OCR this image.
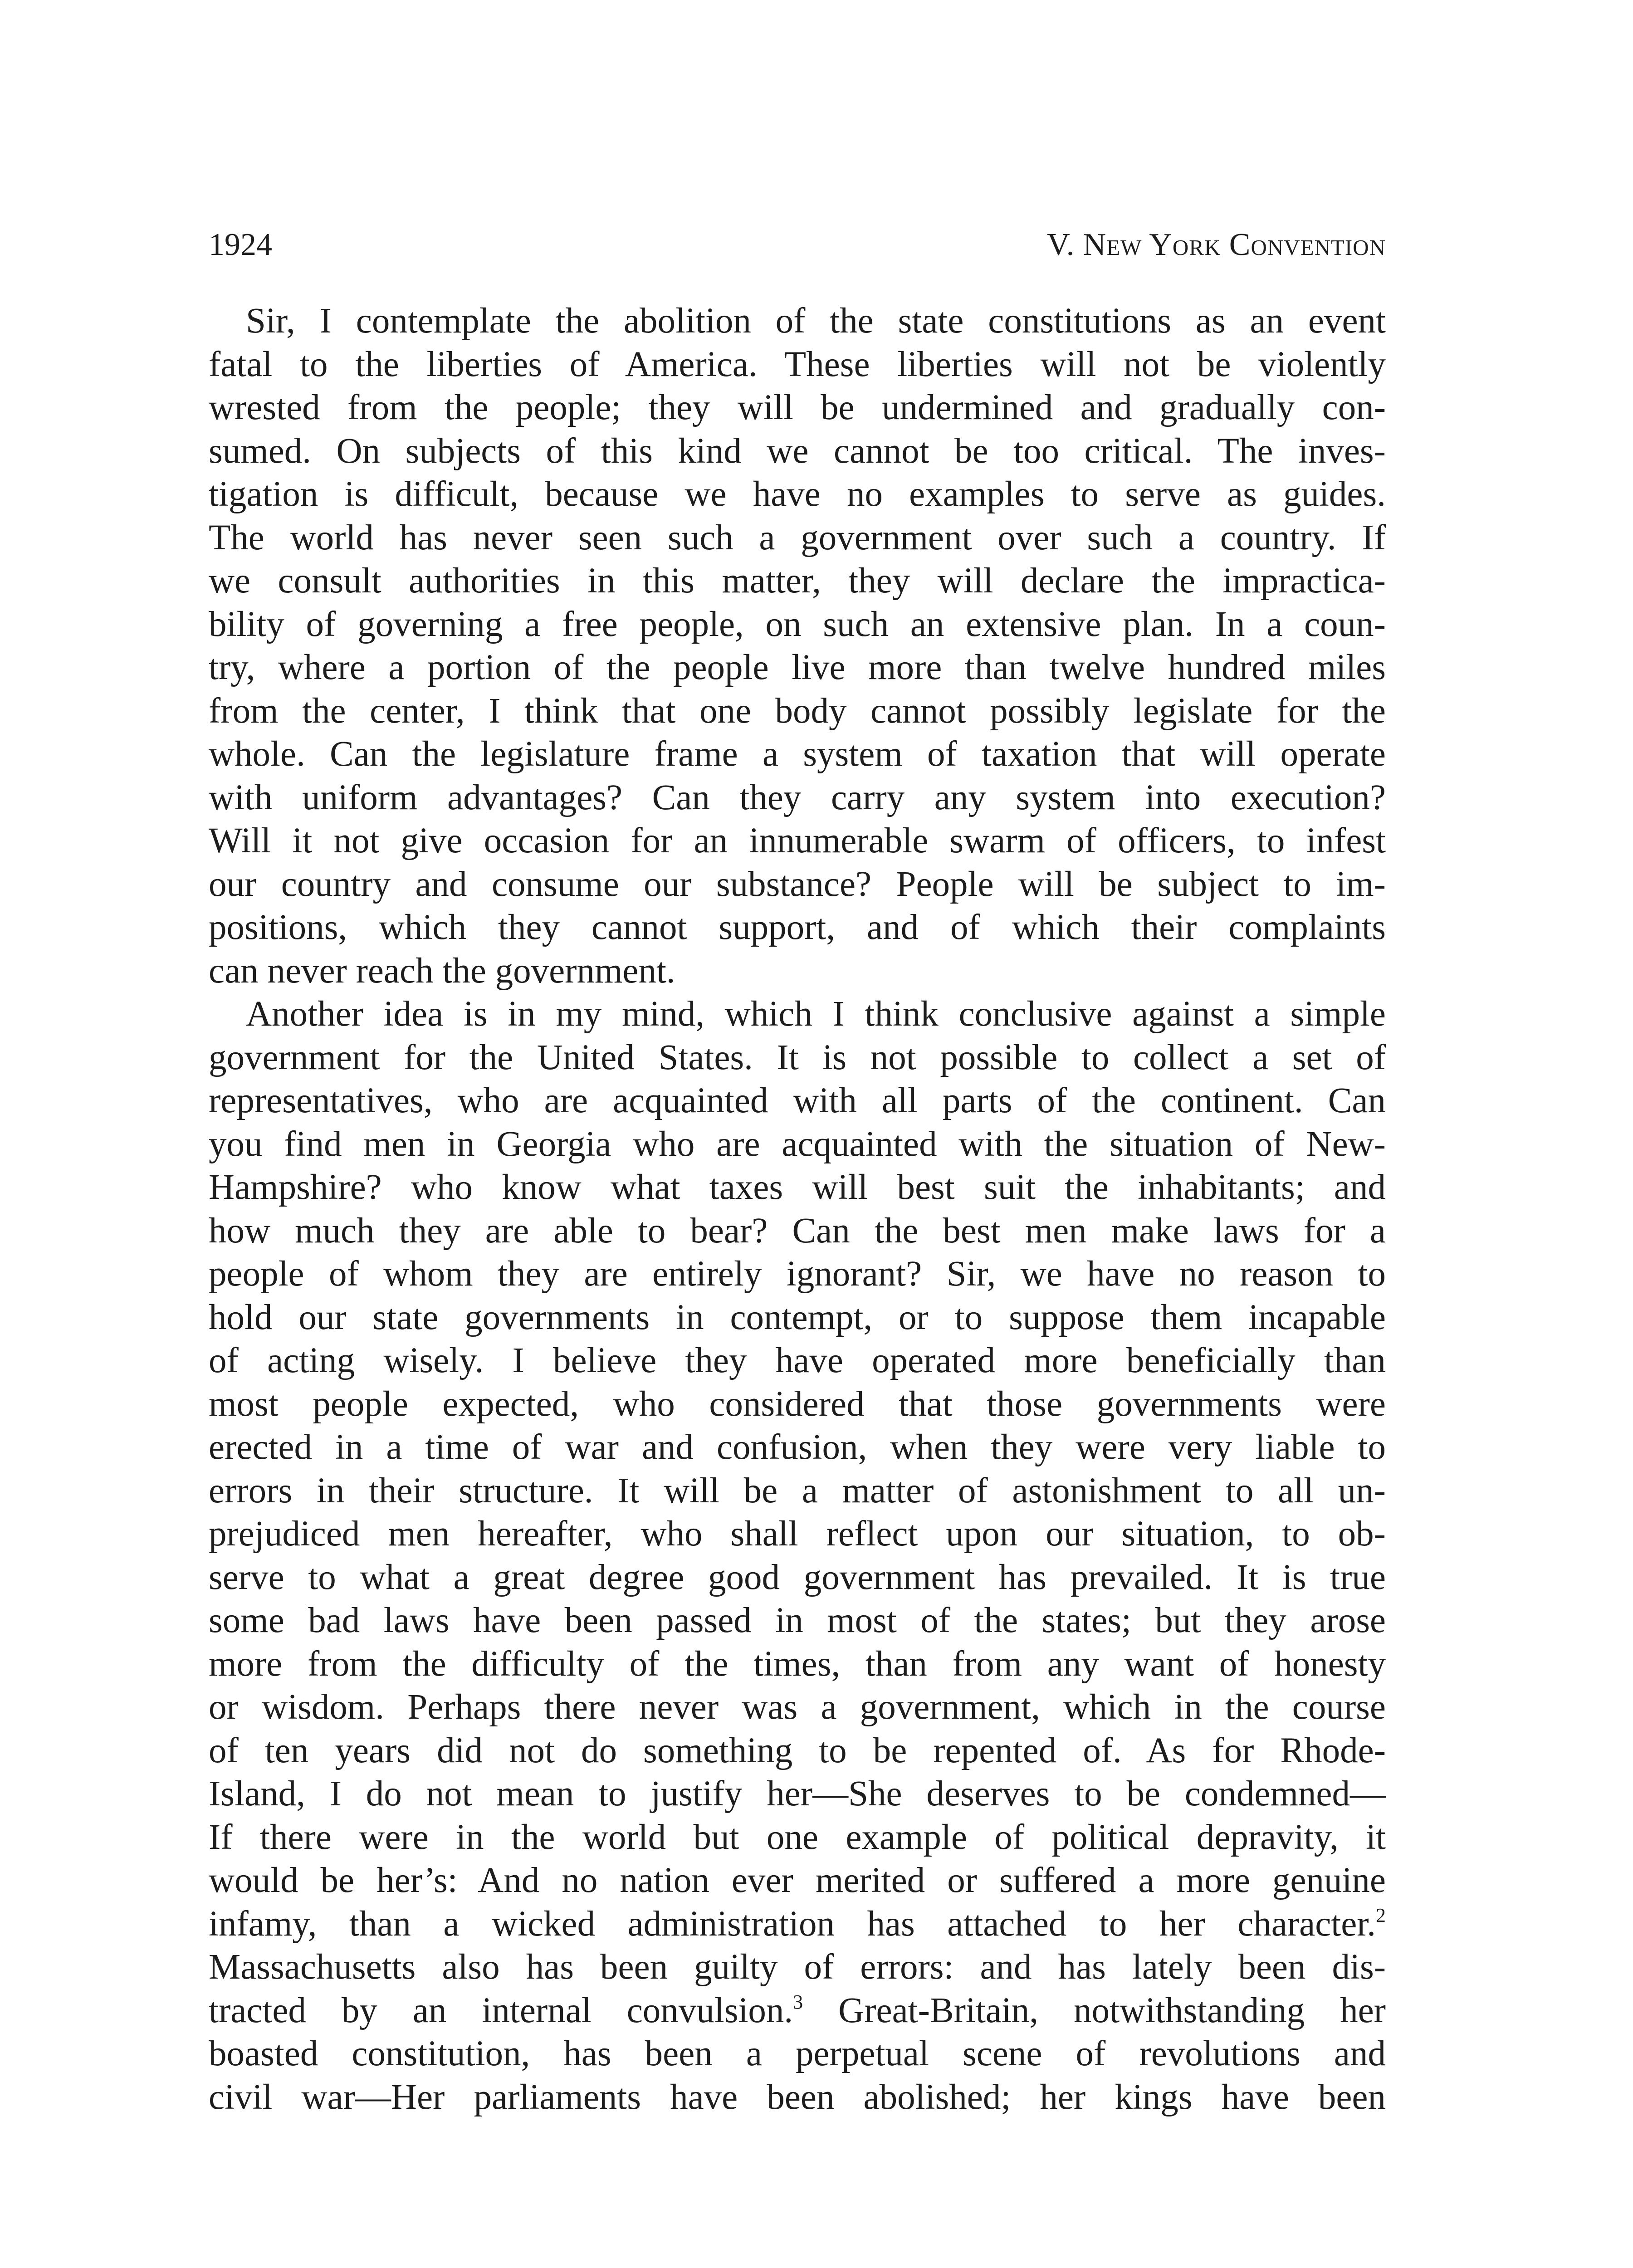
1924	V. New York Convention
Sir, I contemplate the abolition of the state constitutions as an event
fatal to the liberties of America. These liberties will not be violently
wrested from the people; they will be undermined and gradually con-
sumed. On subjects of this kind we cannot be too critical. The inves-
tigation is difficult, because we have no examples to serve as guides.
The world has never seen such a government over such a country. If
we consult authorities in this matter, they will declare the impractica-
bility of governing a free people, on such an extensive plan. In a coun-
try, where a portion of the people live more than twelve hundred miles
from the center, I think that one body cannot possibly legislate for the
whole. Can the legislature frame a system of taxation that will operate
with uniform advantages? Can they carry any system into execution?
Will it not give occasion for an innumerable swarm of officers, to infest
our country and consume our substance? People will be subject to im-
positions, which they cannot support, and of which their complaints
can never reach the government.
Another idea is in my mind, which I think conclusive against a simple
government for the United States. It is not possible to collect a set of
representatives, who are acquainted with all parts of the continent. Can
you find men in Georgia who are acquainted with the situation of New-
Hampshire? who know what taxes will best suit the inhabitants; and
how much they are able to bear? Can the best men make laws for a
people of whom they are entirely ignorant? Sir, we have no reason to
hold our state governments in contempt, or to suppose them incapable
of acting wisely. I believe they have operated more beneficially than
most people expected, who considered that those governments were
erected in a time of war and confusion, when they were very liable to
errors in their structure. It will be a matter of astonishment to all un-
prejudiced men hereafter, who shall reflect upon our situation, to ob-
serve to what a great degree good government has prevailed. It is true
some bad laws have been passed in most of the states; but they arose
more from the difficulty of the times, than from any want of honesty
or wisdom. Perhaps there never was a government, which in the course
of ten years did not do something to be repented of. As for Rhode-
Island, I do not mean to justify her—She deserves to be condemned—
If there were in the world but one example of political depravity, it
would be her’s: And no nation ever merited or suffered a more genuine
infamy, than a wicked administration has attached to her character.$^2$
Massachusetts also has been guilty of errors: and has lately been dis-
tracted by an internal convulsion.$^3$ Great-Britain, notwithstanding her
boasted constitution, has been a perpetual scene of revolutions and
civil war—Her parliaments have been abolished; her kings have been
